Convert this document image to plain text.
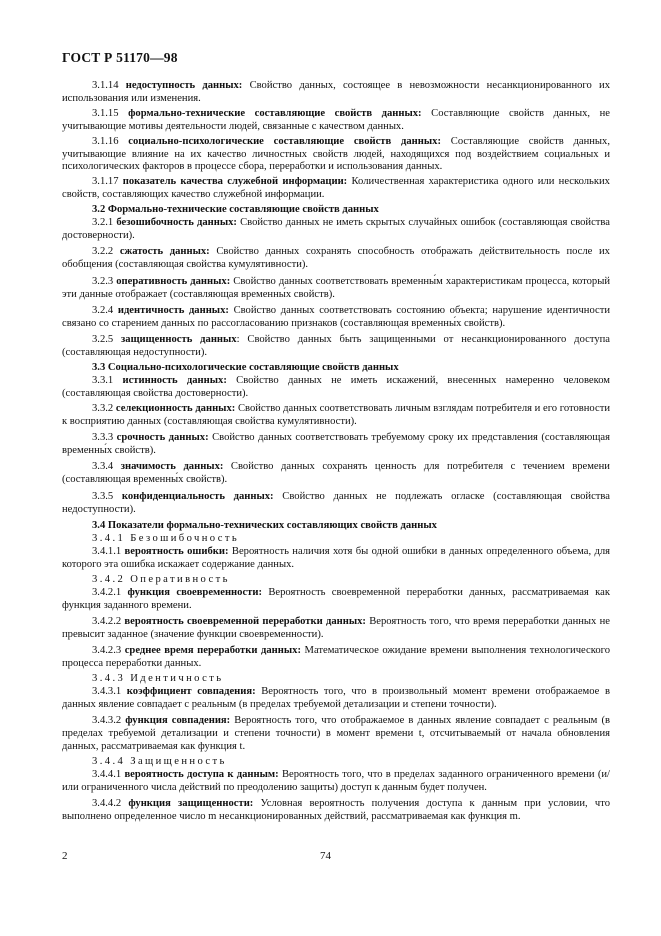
ГОСТ Р 51170—98
3.1.14 недоступность данных: Свойство данных, состоящее в невозможности несанкционированного их использования или изменения.
3.1.15 формально-технические составляющие свойств данных: Составляющие свойств данных, не учитывающие мотивы деятельности людей, связанные с качеством данных.
3.1.16 социально-психологические составляющие свойств данных: Составляющие свойств данных, учитывающие влияние на их качество личностных свойств людей, находящихся под воздействием социальных и психологических факторов в процессе сбора, переработки и использования данных.
3.1.17 показатель качества служебной информации: Количественная характеристика одного или нескольких свойств, составляющих качество служебной информации.
3.2 Формально-технические составляющие свойств данных
3.2.1 безошибочность данных: Свойство данных не иметь скрытых случайных ошибок (составляющая свойства достоверности).
3.2.2 сжатость данных: Свойство данных сохранять способность отображать действительность после их обобщения (составляющая свойства кумулятивности).
3.2.3 оперативность данных: Свойство данных соответствовать временны́м характеристикам процесса, который эти данные отображает (составляющая временны́х свойств).
3.2.4 идентичность данных: Свойство данных соответствовать состоянию объекта; нарушение идентичности связано со старением данных по рассогласованию признаков (составляющая временны́х свойств).
3.2.5 защищенность данных: Свойство данных быть защищенными от несанкционированного доступа (составляющая недоступности).
3.3 Социально-психологические составляющие свойств данных
3.3.1 истинность данных: Свойство данных не иметь искажений, внесенных намеренно человеком (составляющая свойства достоверности).
3.3.2 селекционность данных: Свойство данных соответствовать личным взглядам потребителя и его готовности к восприятию данных (составляющая свойства кумулятивности).
3.3.3 срочность данных: Свойство данных соответствовать требуемому сроку их представления (составляющая временны́х свойств).
3.3.4 значимость данных: Свойство данных сохранять ценность для потребителя с течением времени (составляющая временны́х свойств).
3.3.5 конфиденциальность данных: Свойство данных не подлежать огласке (составляющая свойства недоступности).
3.4 Показатели формально-технических составляющих свойств данных
3.4.1 Безошибочность
3.4.1.1 вероятность ошибки: Вероятность наличия хотя бы одной ошибки в данных определенного объема, для которого эта ошибка искажает содержание данных.
3.4.2 Оперативность
3.4.2.1 функция своевременности: Вероятность своевременной переработки данных, рассматриваемая как функция заданного времени.
3.4.2.2 вероятность своевременной переработки данных: Вероятность того, что время переработки данных не превысит заданное (значение функции своевременности).
3.4.2.3 среднее время переработки данных: Математическое ожидание времени выполнения технологического процесса переработки данных.
3.4.3 Идентичность
3.4.3.1 коэффициент совпадения: Вероятность того, что в произвольный момент времени отображаемое в данных явление совпадает с реальным (в пределах требуемой детализации и степени точности).
3.4.3.2 функция совпадения: Вероятность того, что отображаемое в данных явление совпадает с реальным (в пределах требуемой детализации и степени точности) в момент времени t, отсчитываемый от начала обновления данных, рассматриваемая как функция t.
3.4.4 Защищенность
3.4.4.1 вероятность доступа к данным: Вероятность того, что в пределах заданного ограниченного времени (и/или ограниченного числа действий по преодолению защиты) доступ к данным будет получен.
3.4.4.2 функция защищенности: Условная вероятность получения доступа к данным при условии, что выполнено определенное число m несанкционированных действий, рассматриваемая как функция m.
2	74
